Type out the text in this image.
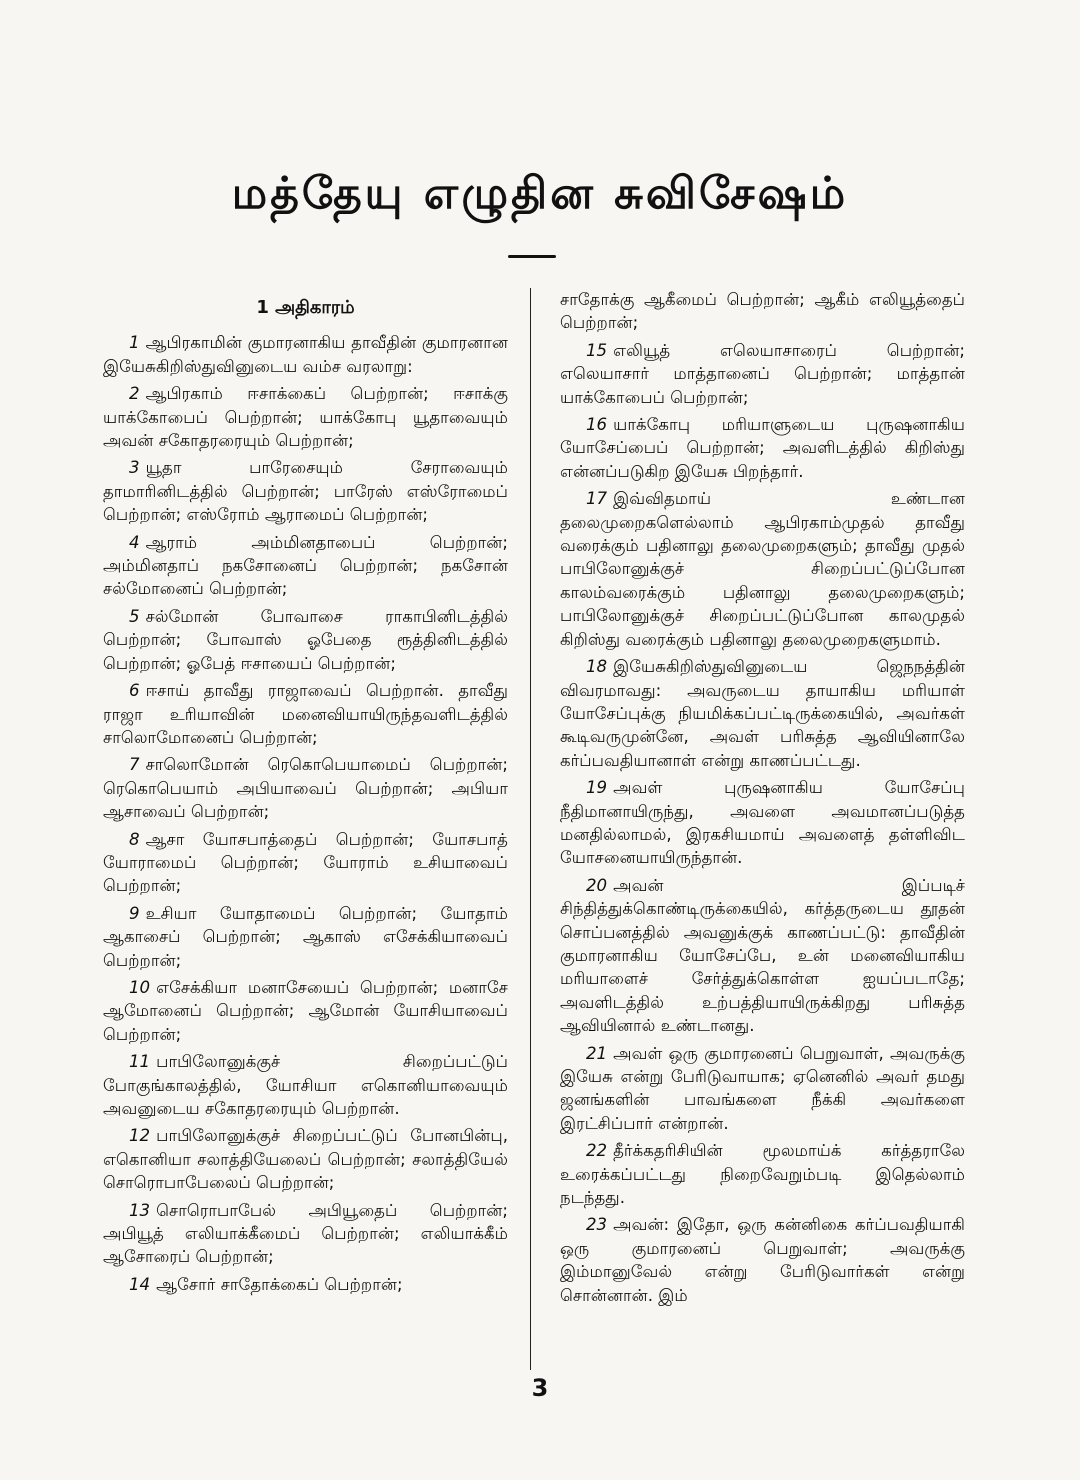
மத்தேயு எழுதின சுவிசேஷம்
1 அதிகாரம்

1 ஆபிரகாமின் குமாரனாகிய தாவீதின் குமாரனான இயேசுகிறிஸ்துவினுடைய வம்ச வரலாறு:

2 ஆபிரகாம் ஈசாக்கைப் பெற்றான்; ஈசாக்கு யாக்கோபைப் பெற்றான்; யாக்கோபு யூதாவையும் அவன் சகோதரரையும் பெற்றான்;

3 யூதா பாரேசையும் சேராவையும் தாமாரினிடத்தில் பெற்றான்; பாரேஸ் எஸ்ரோமைப் பெற்றான்; எஸ்ரோம் ஆராமைப் பெற்றான்;

4 ஆராம் அம்மினதாபைப் பெற்றான்; அம்மினதாப் நகசோனைப் பெற்றான்; நகசோன் சல்மோனைப் பெற்றான்;

5 சல்மோன் போவாசை ராகாபினிடத்தில் பெற்றான்; போவாஸ் ஓபேதை ரூத்தினிடத்தில் பெற்றான்; ஓபேத் ஈசாயைப் பெற்றான்;

6 ஈசாய் தாவீது ராஜாவைப் பெற்றான். தாவீது ராஜா உரியாவின் மனைவியாயிருந்தவளிடத்தில் சாலொமோனைப் பெற்றான்;

7 சாலொமோன் ரெகொபெயாமைப் பெற்றான்; ரெகொபெயாம் அபியாவைப் பெற்றான்; அபியா ஆசாவைப் பெற்றான்;

8 ஆசா யோசபாத்தைப் பெற்றான்; யோசபாத் யோராமைப் பெற்றான்; யோராம் உசியாவைப் பெற்றான்;

9 உசியா யோதாமைப் பெற்றான்; யோதாம் ஆகாசைப் பெற்றான்; ஆகாஸ் எசேக்கியாவைப் பெற்றான்;

10 எசேக்கியா மனாசேயைப் பெற்றான்; மனாசே ஆமோனைப் பெற்றான்; ஆமோன் யோசியாவைப் பெற்றான்;

11 பாபிலோனுக்குச் சிறைப்பட்டுப் போகுங்காலத்தில், யோசியா எகொனியாவையும் அவனுடைய சகோதரரையும் பெற்றான்.

12 பாபிலோனுக்குச் சிறைப்பட்டுப் போனபின்பு, எகொனியா சலாத்தியேலைப் பெற்றான்; சலாத்தியேல் சொரொபாபேலைப் பெற்றான்;

13 சொரொபாபேல் அபியூதைப் பெற்றான்; அபியூத் எலியாக்கீமைப் பெற்றான்; எலியாக்கீம் ஆசோரைப் பெற்றான்;

14 ஆசோர் சாதோக்கைப் பெற்றான்;

சாதோக்கு ஆகீமைப் பெற்றான்; ஆகீம் எலியூத்தைப் பெற்றான்;

15 எலியூத் எலெயாசாரைப் பெற்றான்; எலெயாசார் மாத்தானைப் பெற்றான்; மாத்தான் யாக்கோபைப் பெற்றான்;

16 யாக்கோபு மரியாளுடைய புருஷனாகிய யோசேப்பைப் பெற்றான்; அவளிடத்தில் கிறிஸ்து என்னப்படுகிற இயேசு பிறந்தார்.

17 இவ்விதமாய் உண்டான தலைமுறைகளெல்லாம் ஆபிரகாம்முதல் தாவீது வரைக்கும் பதினாலு தலைமுறைகளும்; தாவீது முதல் பாபிலோனுக்குச் சிறைப்பட்டுப்போன காலம்வரைக்கும் பதினாலு தலைமுறைகளும்; பாபிலோனுக்குச் சிறைப்பட்டுப்போன காலமுதல் கிறிஸ்து வரைக்கும் பதினாலு தலைமுறைகளுமாம்.

18 இயேசுகிறிஸ்துவினுடைய ஜெநநத்தின் விவரமாவது: அவருடைய தாயாகிய மரியாள் யோசேப்புக்கு நியமிக்கப்பட்டிருக்கையில், அவர்கள் கூடிவருமுன்னே, அவள் பரிசுத்த ஆவியினாலே கர்ப்பவதியானாள் என்று காணப்பட்டது.

19 அவள் புருஷனாகிய யோசேப்பு நீதிமானாயிருந்து, அவளை அவமானப்படுத்த மனதில்லாமல், இரகசியமாய் அவளைத் தள்ளிவிட யோசனையாயிருந்தான்.

20 அவன் இப்படிச் சிந்தித்துக்கொண்டிருக்கையில், கர்த்தருடைய தூதன் சொப்பனத்தில் அவனுக்குக் காணப்பட்டு: தாவீதின் குமாரனாகிய யோசேப்பே, உன் மனைவியாகிய மரியாளைச் சேர்த்துக்கொள்ள ஐயப்படாதே; அவளிடத்தில் உற்பத்தியாயிருக்கிறது பரிசுத்த ஆவியினால் உண்டானது.

21 அவள் ஒரு குமாரனைப் பெறுவாள், அவருக்கு இயேசு என்று பேரிடுவாயாக; ஏனெனில் அவர் தமது ஜனங்களின் பாவங்களை நீக்கி அவர்களை இரட்சிப்பார் என்றான்.

22 தீர்க்கதரிசியின் மூலமாய்க் கர்த்தராலே உரைக்கப்பட்டது நிறைவேறும்படி இதெல்லாம் நடந்தது.

23 அவன்: இதோ, ஒரு கன்னிகை கர்ப்பவதியாகி ஒரு குமாரனைப் பெறுவாள்; அவருக்கு இம்மானுவேல் என்று பேரிடுவார்கள் என்று சொன்னான். இம்

3
